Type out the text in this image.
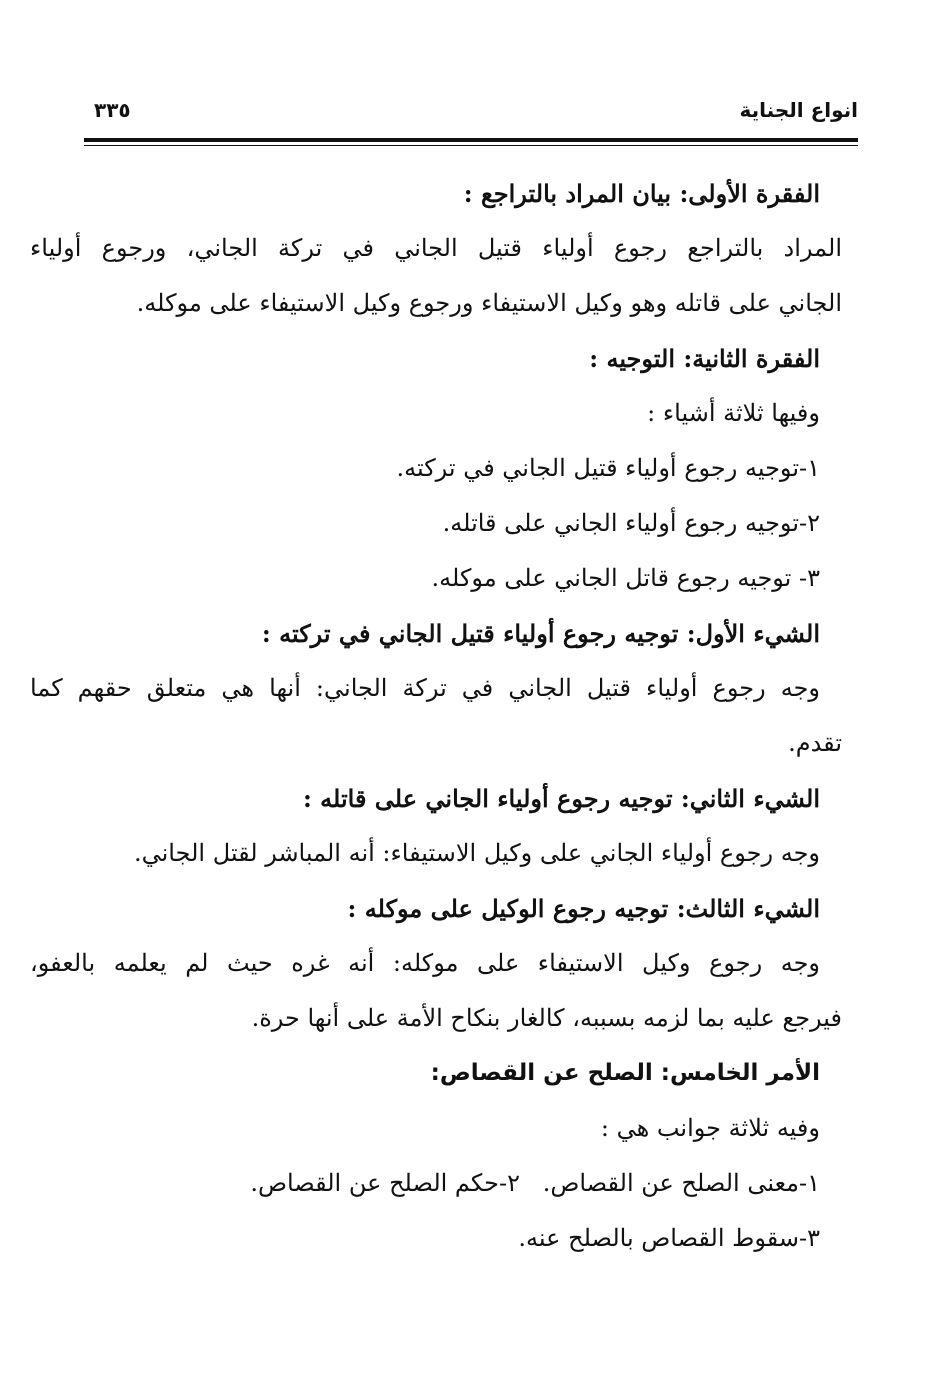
انواع الجناية
٣٣٥
الفقرة الأولى: بيان المراد بالتراجع :
المراد بالتراجع رجوع أولياء قتيل الجاني في تركة الجاني، ورجوع أولياء
الجاني على قاتله وهو وكيل الاستيفاء ورجوع وكيل الاستيفاء على موكله.
الفقرة الثانية: التوجيه :
وفيها ثلاثة أشياء :
١-توجيه رجوع أولياء قتيل الجاني في تركته.
٢-توجيه رجوع أولياء الجاني على قاتله.
٣- توجيه رجوع قاتل الجاني على موكله.
الشيء الأول: توجيه رجوع أولياء قتيل الجاني في تركته :
وجه رجوع أولياء قتيل الجاني في تركة الجاني: أنها هي متعلق حقهم كما
تقدم.
الشيء الثاني: توجيه رجوع أولياء الجاني على قاتله :
وجه رجوع أولياء الجاني على وكيل الاستيفاء: أنه المباشر لقتل الجاني.
الشيء الثالث: توجيه رجوع الوكيل على موكله :
وجه رجوع وكيل الاستيفاء على موكله: أنه غره حيث لم يعلمه بالعفو،
فيرجع عليه بما لزمه بسببه، كالغار بنكاح الأمة على أنها حرة.
الأمر الخامس: الصلح عن القصاص:
وفيه ثلاثة جوانب هي :
١-معنى الصلح عن القصاص.
٢-حكم الصلح عن القصاص.
٣-سقوط القصاص بالصلح عنه.
